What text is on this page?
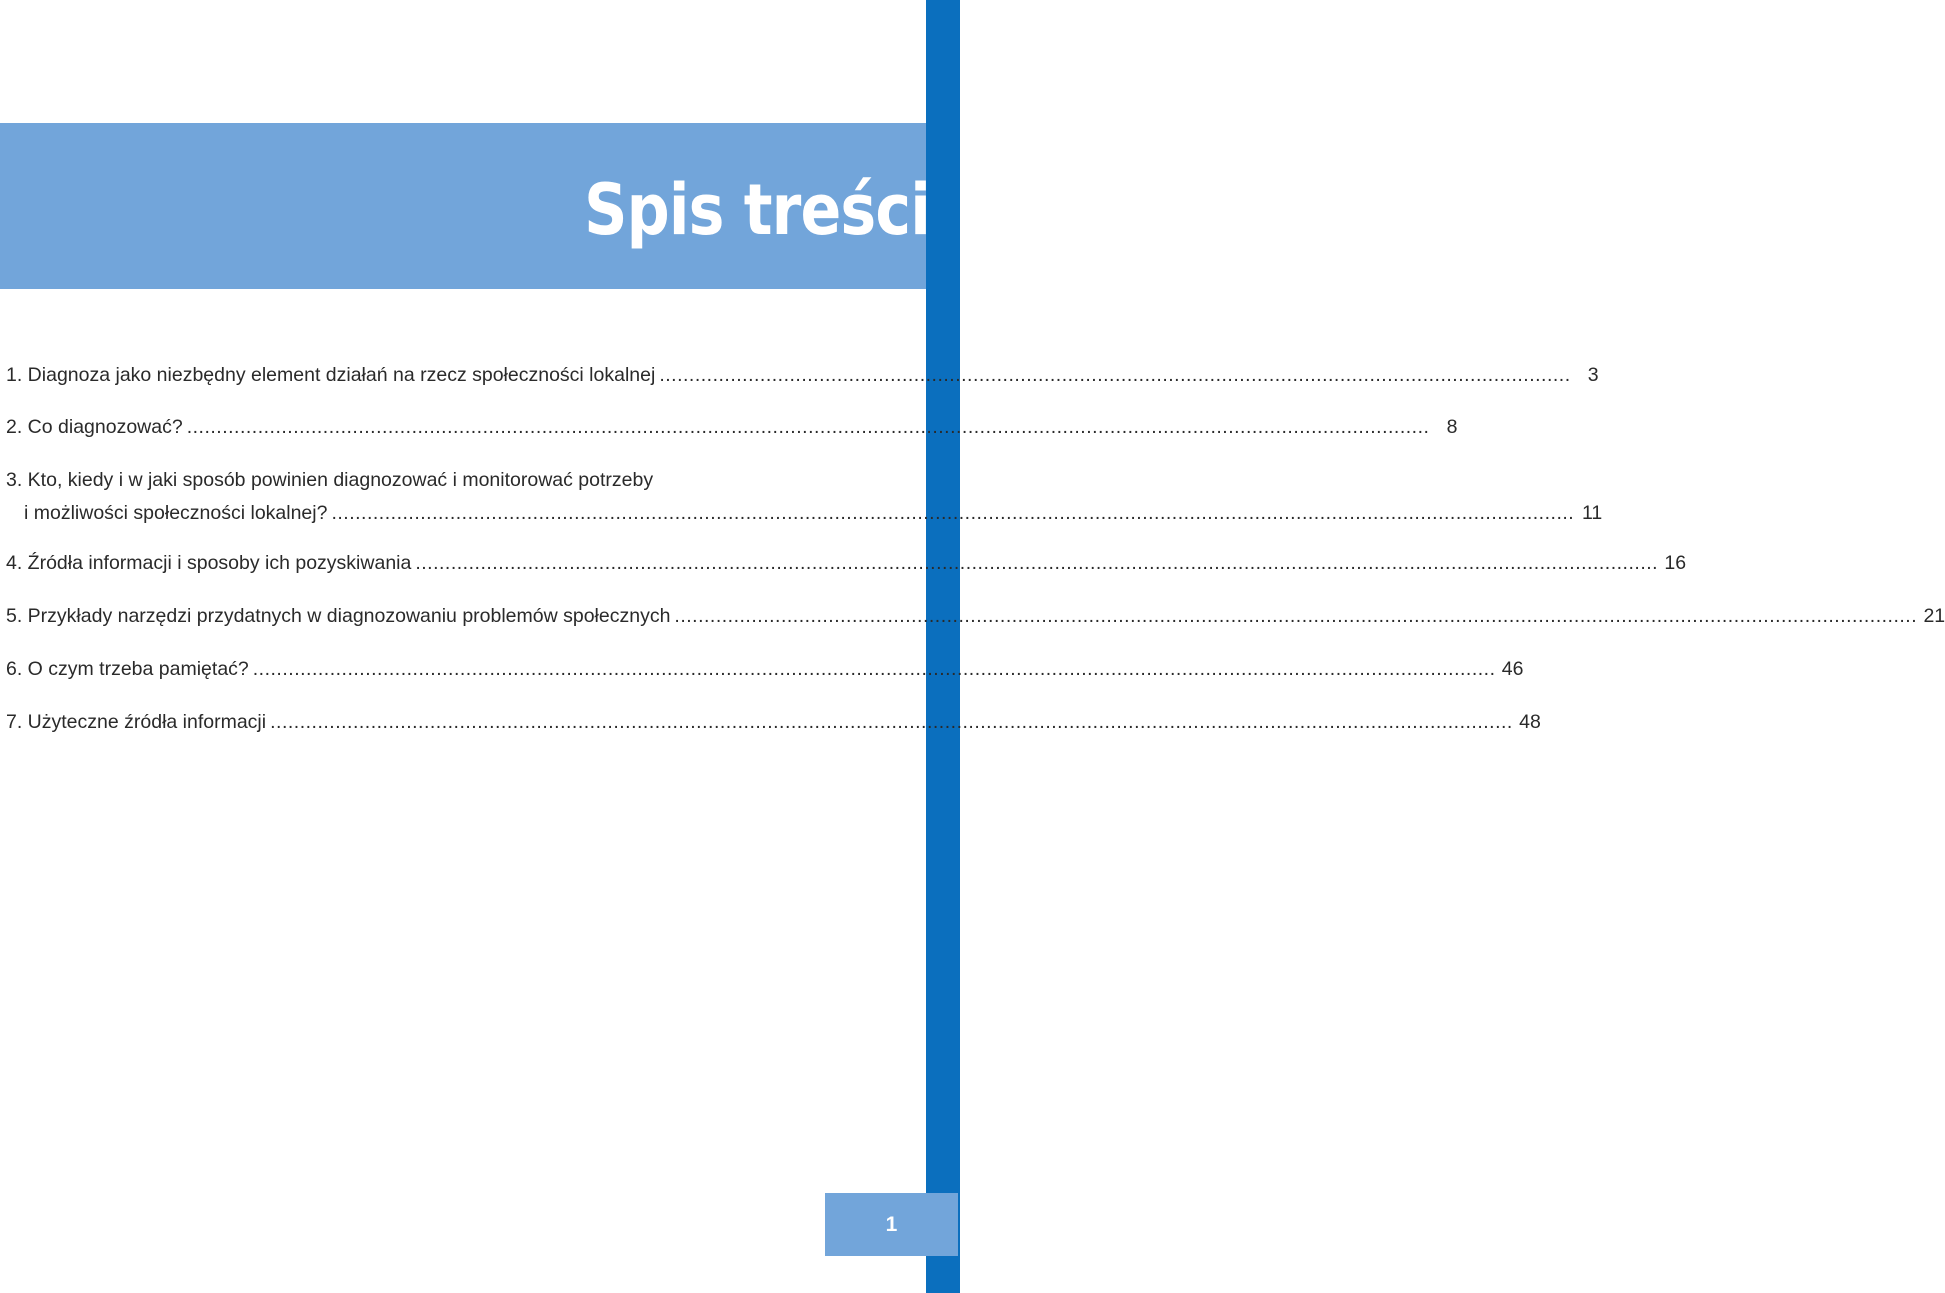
Spis treści
1. Diagnoza jako niezbędny element działań na rzecz społeczności lokalnej .......................................................................................................................................................... 3
2. Co diagnozować? .................................................................................................................................................................................................................. 8
3. Kto, kiedy i w jaki sposób powinien diagnozować i monitorować potrzeby
i możliwości społeczności lokalnej? .................................................................................................................................................................................................................. 11
4. Źródła informacji i sposoby ich pozyskiwania .................................................................................................................................................................................................................. 16
5. Przykłady narzędzi przydatnych w diagnozowaniu problemów społecznych .................................................................................................................................................................................................................. 21
6. O czym trzeba pamiętać? .................................................................................................................................................................................................................. 46
7. Użyteczne źródła informacji .................................................................................................................................................................................................................. 48
1
